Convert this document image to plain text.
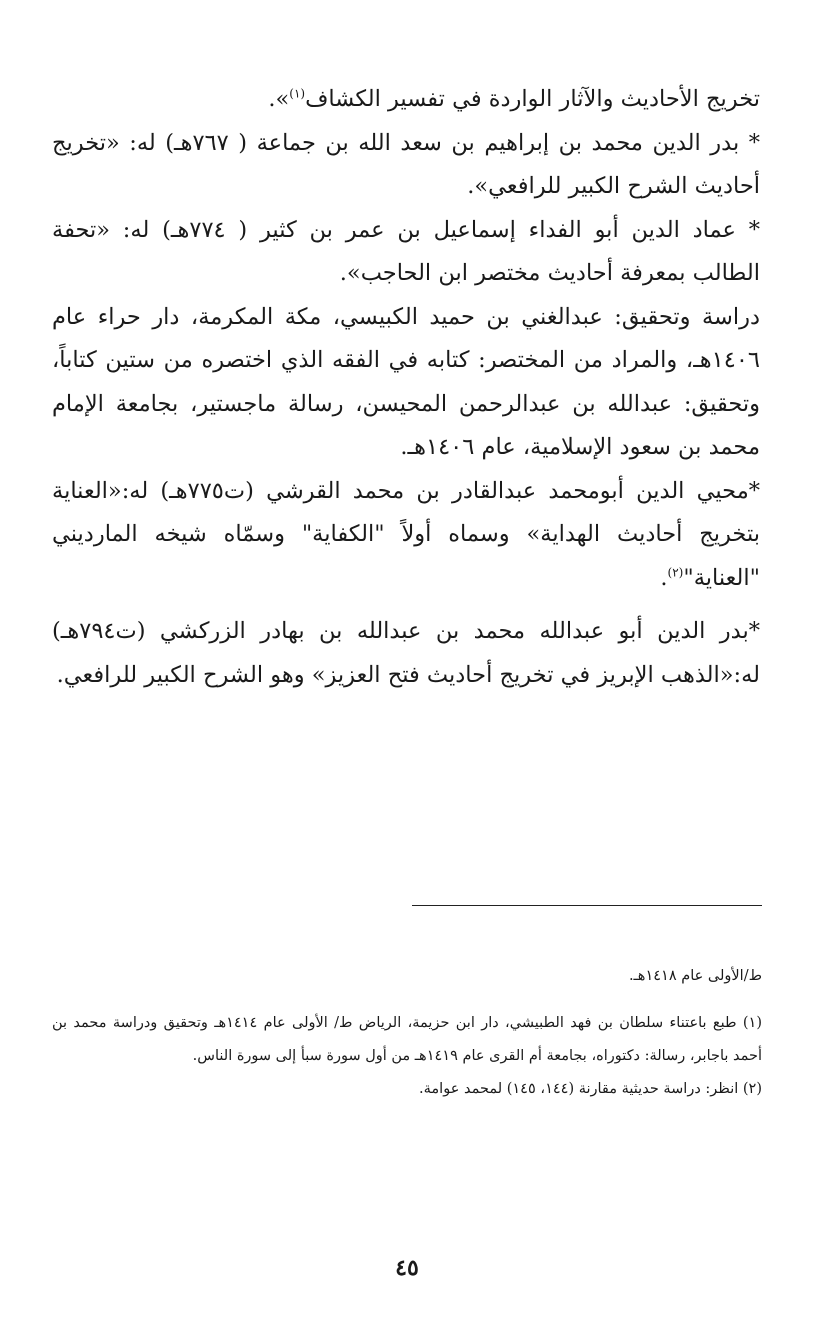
تخريج الأحاديث والآثار الواردة في تفسير الكشاف$^{(١)}$».

* بدر الدين محمد بن إبراهيم بن سعد الله بن جماعة ( ٧٦٧هـ) له: «تخريج أحاديث الشرح الكبير للرافعي».

* عماد الدين أبو الفداء إسماعيل بن عمر بن كثير ( ٧٧٤هـ) له: «تحفة الطالب بمعرفة أحاديث مختصر ابن الحاجب».

دراسة وتحقيق: عبدالغني بن حميد الكبيسي، مكة المكرمة، دار حراء عام ١٤٠٦هـ، والمراد من المختصر: كتابه في الفقه الذي اختصره من ستين كتاباً، وتحقيق: عبدالله بن عبدالرحمن المحيسن، رسالة ماجستير، بجامعة الإمام محمد بن سعود الإسلامية، عام ١٤٠٦هـ.

*محيي الدين أبومحمد عبدالقادر بن محمد القرشي (ت٧٧٥هـ) له:«العناية بتخريج أحاديث الهداية» وسماه أولاً "الكفاية" وسمّاه شيخه المارديني "العناية"$^{(٢)}$.

*بدر الدين أبو عبدالله محمد بن عبدالله بن بهادر الزركشي (ت٧٩٤هـ) له:«الذهب الإبريز في تخريج أحاديث فتح العزيز» وهو الشرح الكبير للرافعي.

ط/الأولى عام ١٤١٨هـ.

(١) طبع باعتناء سلطان بن فهد الطبيشي، دار ابن حزيمة، الرياض ط/ الأولى عام ١٤١٤هـ وتحقيق ودراسة محمد بن أحمد باجابر، رسالة: دكتوراه، بجامعة أم القرى عام ١٤١٩هـ من أول سورة سبأ إلى سورة الناس.

(٢) انظر: دراسة حديثية مقارنة (١٤٤، ١٤٥) لمحمد عوامة.

٤٥
